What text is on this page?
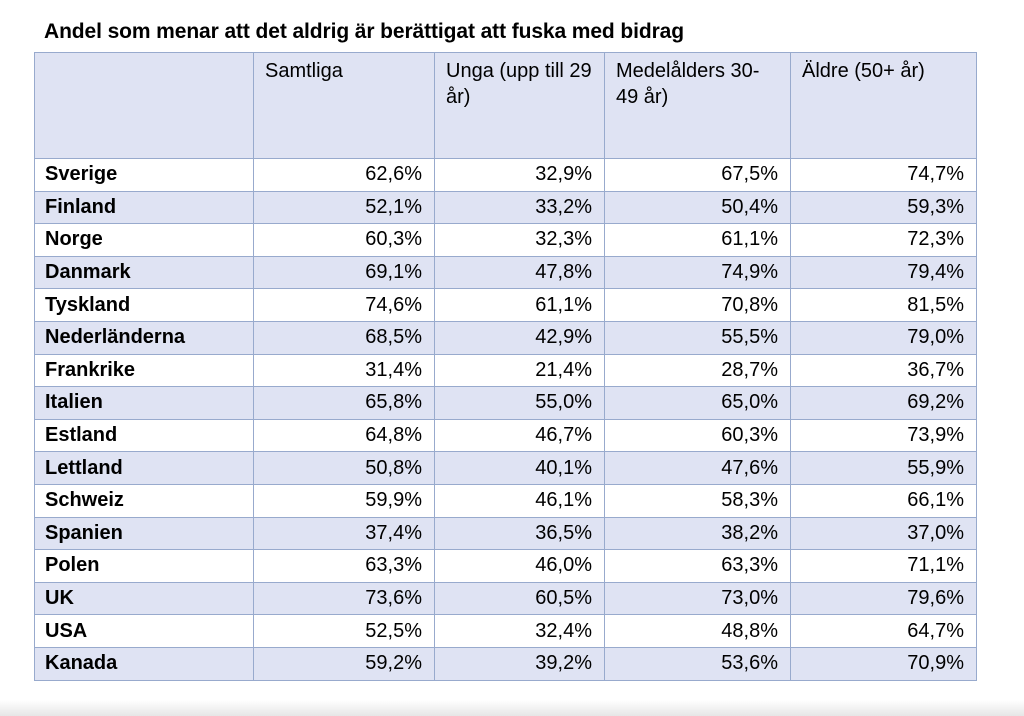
Andel som menar att det aldrig är berättigat att fuska med bidrag
	Samtliga	Unga (upp till 29 år)	Medelålders 30-49 år)	Äldre (50+ år)
Sverige	62,6%	32,9%	67,5%	74,7%
Finland	52,1%	33,2%	50,4%	59,3%
Norge	60,3%	32,3%	61,1%	72,3%
Danmark	69,1%	47,8%	74,9%	79,4%
Tyskland	74,6%	61,1%	70,8%	81,5%
Nederländerna	68,5%	42,9%	55,5%	79,0%
Frankrike	31,4%	21,4%	28,7%	36,7%
Italien	65,8%	55,0%	65,0%	69,2%
Estland	64,8%	46,7%	60,3%	73,9%
Lettland	50,8%	40,1%	47,6%	55,9%
Schweiz	59,9%	46,1%	58,3%	66,1%
Spanien	37,4%	36,5%	38,2%	37,0%
Polen	63,3%	46,0%	63,3%	71,1%
UK	73,6%	60,5%	73,0%	79,6%
USA	52,5%	32,4%	48,8%	64,7%
Kanada	59,2%	39,2%	53,6%	70,9%
